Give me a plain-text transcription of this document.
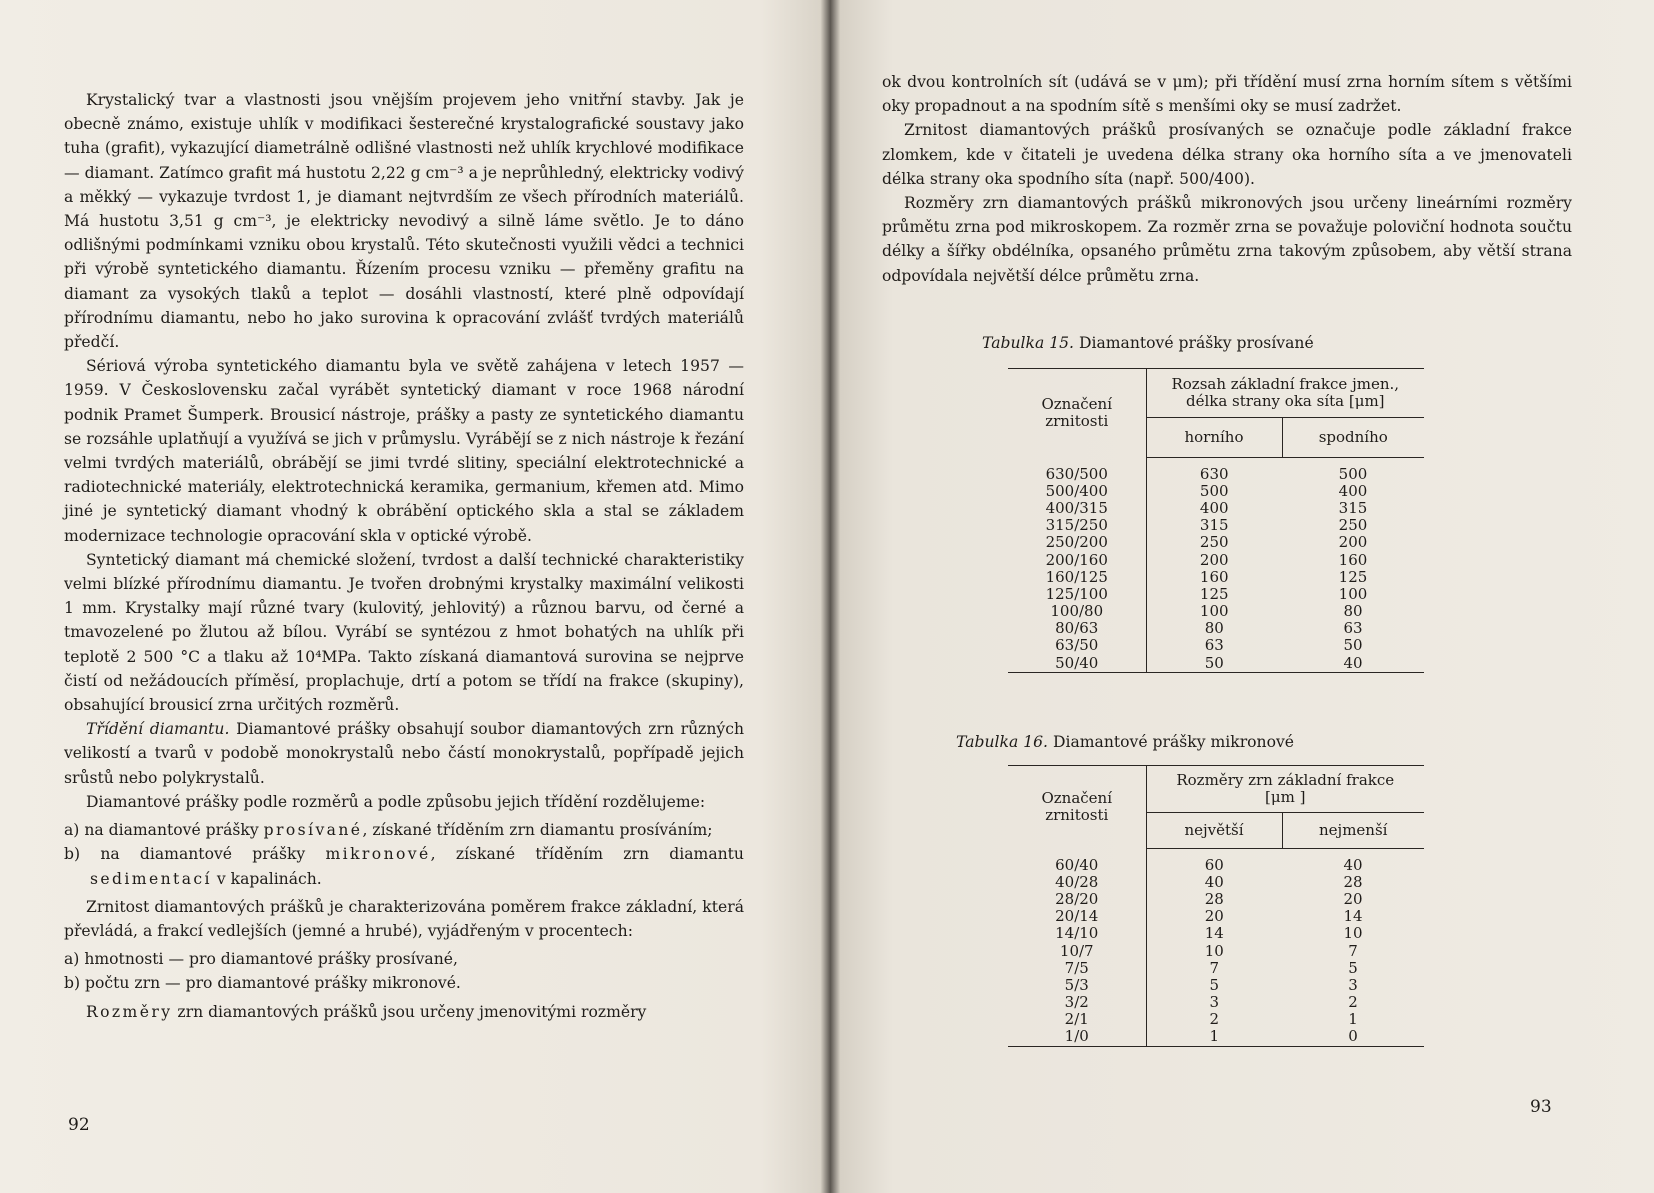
Krystalický tvar a vlastnosti jsou vnějším projevem jeho vnitřní stavby. Jak je obecně známo, existuje uhlík v modifikaci šesterečné krystalografické soustavy jako tuha (grafit), vykazující diametrálně odlišné vlastnosti než uhlík krychlové modifikace — diamant. Zatímco grafit má hustotu 2,22 g cm⁻³ a je neprůhledný, elektricky vodivý a měkký — vykazuje tvrdost 1, je diamant nejtvrdším ze všech přírodních materiálů. Má hustotu 3,51 g cm⁻³, je elektricky nevodivý a silně láme světlo. Je to dáno odlišnými podmínkami vzniku obou krystalů. Této skutečnosti využili vědci a technici při výrobě syntetického diamantu. Řízením procesu vzniku — přeměny grafitu na diamant za vysokých tlaků a teplot — dosáhli vlastností, které plně odpovídají přírodnímu diamantu, nebo ho jako surovina k opracování zvlášť tvrdých materiálů předčí.

Sériová výroba syntetického diamantu byla ve světě zahájena v letech 1957 — 1959. V Československu začal vyrábět syntetický diamant v roce 1968 národní podnik Pramet Šumperk. Brousicí nástroje, prášky a pasty ze syntetického diamantu se rozsáhle uplatňují a využívá se jich v průmyslu. Vyrábějí se z nich nástroje k řezání velmi tvrdých materiálů, obrábějí se jimi tvrdé slitiny, speciální elektrotechnické a radiotechnické materiály, elektrotechnická keramika, germanium, křemen atd. Mimo jiné je syntetický diamant vhodný k obrábění optického skla a stal se základem modernizace technologie opracování skla v optické výrobě.

Syntetický diamant má chemické složení, tvrdost a další technické charakteristiky velmi blízké přírodnímu diamantu. Je tvořen drobnými krystalky maximální velikosti 1 mm. Krystalky mají různé tvary (kulovitý, jehlovitý) a různou barvu, od černé a tmavozelené po žlutou až bílou. Vyrábí se syntézou z hmot bohatých na uhlík při teplotě 2 500 °C a tlaku až 10⁴MPa. Takto získaná diamantová surovina se nejprve čistí od nežádoucích příměsí, proplachuje, drtí a potom se třídí na frakce (skupiny), obsahující brousicí zrna určitých rozměrů.

Třídění diamantu. Diamantové prášky obsahují soubor diamantových zrn různých velikostí a tvarů v podobě monokrystalů nebo částí monokrystalů, popřípadě jejich srůstů nebo polykrystalů.

Diamantové prášky podle rozměrů a podle způsobu jejich třídění rozdělujeme:

a) na diamantové prášky prosívané, získané tříděním zrn diamantu prosíváním;
b) na diamantové prášky mikronové, získané tříděním zrn diamantu sedimentací v kapalinách.

Zrnitost diamantových prášků je charakterizována poměrem frakce základní, která převládá, a frakcí vedlejších (jemné a hrubé), vyjádřeným v procentech:

a) hmotnosti — pro diamantové prášky prosívané,
b) počtu zrn — pro diamantové prášky mikronové.

Rozměry zrn diamantových prášků jsou určeny jmenovitými rozměry

92

ok dvou kontrolních sít (udává se v μm); při třídění musí zrna horním sítem s většími oky propadnout a na spodním sítě s menšími oky se musí zadržet.

Zrnitost diamantových prášků prosívaných se označuje podle základní frakce zlomkem, kde v čitateli je uvedena délka strany oka horního síta a ve jmenovateli délka strany oka spodního síta (např. 500/400).

Rozměry zrn diamantových prášků mikronových jsou určeny lineárními rozměry průmětu zrna pod mikroskopem. Za rozměr zrna se považuje poloviční hodnota součtu délky a šířky obdélníka, opsaného průmětu zrna takovým způsobem, aby větší strana odpovídala největší délce průmětu zrna.

Tabulka 15. Diamantové prášky prosívané
Označení zrnitosti	Rozsah základní frakce jmen., délka strany oka síta [μm]	
	horního	spodního

630/500	630	500
500/400	500	400
400/315	400	315
315/250	315	250
250/200	250	200
200/160	200	160
160/125	160	125
125/100	125	100
100/80	100	80
80/63	80	63
63/50	63	50
50/40	50	40
Tabulka 16. Diamantové prášky mikronové
Označení zrnitosti	Rozměry zrn základní frakce [μm ]	
	největší	nejmenší

60/40	60	40
40/28	40	28
28/20	28	20
20/14	20	14
14/10	14	10
10/7	10	7
7/5	7	5
5/3	5	3
3/2	3	2
2/1	2	1
1/0	1	0
93
